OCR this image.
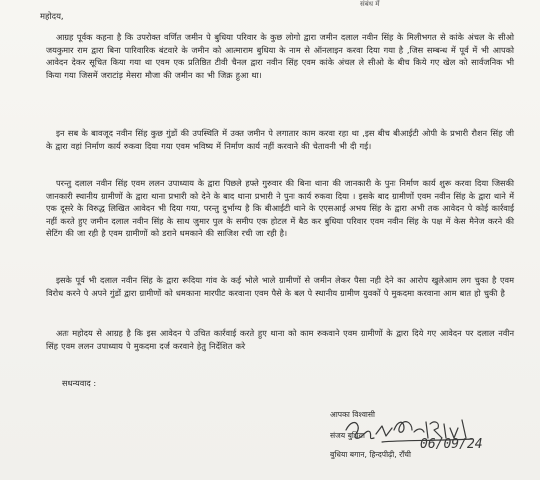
संबंध में
महोदय,

आग्रह पूर्वक कहना है कि उपरोक्त वर्णित जमीन पे बुधिया परिवार के कुछ लोगो द्वारा जमीन दलाल नवीन सिंह के मिलीभगत से कांके अंचल के सीओ जयकुमार राम द्वारा बिना पारिवारिक बंटवारे के जमीन को आत्माराम बुधिया के नाम से ऑनलाइन करवा दिया गया है ,जिस सम्बन्ध में पूर्व में भी आपको आवेदन देकर सूचित किया गया था एवम एक प्रतिष्ठित टीवी चैनल द्वारा नवीन सिंह एवम कांके अंचल ले सीओ के बीच किये गए खेल को सार्वजनिक भी किया गया जिसमें जराटांड़ मेसरा मौजा की जमीन का भी जिक्र हुआ था।

इन सब के बावजूद नवीन सिंह कुछ गुंडों की उपस्थिति में उक्त जमीन पे लगातार काम करवा रहा था ,इस बीच बीआईटी ओपी के प्रभारी रौशन सिंह जी के द्वारा वहां निर्माण कार्य रुकवा दिया गया एवम भविष्य में निर्माण कार्य नहीं करवाने की चेतावनी भी दी गई।

परन्तु दलाल नवीन सिंह एवम ललन उपाध्याय के द्वारा पिछले हफ्ते गुरुवार की बिना थाना की जानकारी के पुनः निर्माण कार्य शुरू करवा दिया जिसकी जानकारी स्थानीय ग्रामीणों के द्वारा थाना प्रभारी को देने के बाद थाना प्रभारी ने पुनः कार्य रुकवा दिया । इसके बाद ग्रामीणों एवम नवीन सिंह के द्वारा थाने में एक दूसरे के विरुद्ध लिखित आवेदन भी दिया गया, परन्तु दुर्भाग्य है कि बीआईटी थाने के एएसआई अभय सिंह के द्वारा अभी तक आवेदन पे कोई कार्रवाई नहीं करते हुए जमीन दलाल नवीन सिंह के साथ जुमार पुल के समीप एक होटल में बैठ कर बुधिया परिवार एवम नवीन सिंह के पक्ष में केस मैनेज करने की सेटिंग की जा रही है एवम ग्रामीणों को डराने धमकाने की साजिश रची जा रही है।

इसके पूर्व भी दलाल नवीन सिंह के द्वारा रूदिया गांव के कई भोले भाले ग्रामीणों से जमीन लेकर पैसा नही देने का आरोप खुलेआम लग चुका है एवम विरोध करने पे अपने गुंडों द्वारा ग्रामीणों को धमकाना मारपीट करवाना एवम पैसे के बल पे स्थानीय ग्रामीण युवकों पे मुकदमा करवाना आम बात हो चुकी है

अतः महोदय से आग्रह है कि इस आवेदन पे उचित कार्रवाई करते हुए थाना को काम रुकवाने एवम ग्रामीणों के द्वारा दिये गए आवेदन पर दलाल नवीन सिंह एवम ललन उपाध्याय पे मुकदमा दर्ज करवाने हेतु निर्देशित करे

सधन्यवाद :
आपका विश्वासी
संजय बुधिया
बुधिया बगान, हिन्दपीढ़ी, राँची
06/09/24
